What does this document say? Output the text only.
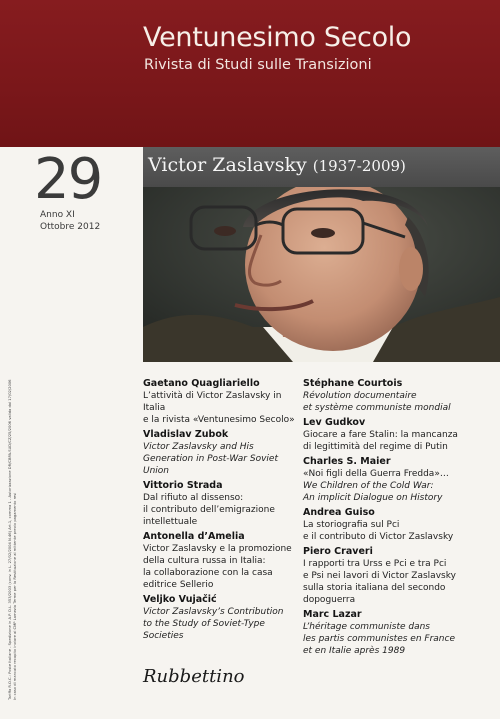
Ventunesimo Secolo
Rivista di Studi sulle Transizioni
29
Anno XI
Ottobre 2012
Victor Zaslavsky (1937-2009)
Gaetano Quagliariello
L’attività di Victor Zaslavsky in Italia
e la rivista «Ventunesimo Secolo»
Vladislav Zubok
Victor Zaslavsky and His
Generation in Post-War Soviet
Union
Vittorio Strada
Dal rifiuto al dissenso:
il contributo dell’emigrazione
intellettuale
Antonella d’Amelia
Victor Zaslavsky e la promozione
della cultura russa in Italia:
la collaborazione con la casa
editrice Sellerio
Veljko Vujačić
Victor Zaslavsky’s Contribution
to the Study of Soviet-Type
Societies
Stéphane Courtois
Révolution documentaire
et système communiste mondial
Lev Gudkov
Giocare a fare Stalin: la mancanza
di legittimità del regime di Putin
Charles S. Maier
«Noi figli della Guerra Fredda»…
We Children of the Cold War:
An implicit Dialogue on History
Andrea Guiso
La storiografia sul Pci
e il contributo di Victor Zaslavsky
Piero Craveri
I rapporti tra Urss e Pci e tra Pci
e Psi nei lavori di Victor Zaslavsky
sulla storia italiana del secondo
dopoguerra
Marc Lazar
L’héritage communiste dans
les partis communistes en France
et en Italie après 1989
Rubbettino
Tariffa R.O.C.: Poste Italiane - Spedizione in A.P. D.L. 353/2003 (conv. in L. 27/02/2004 N.46) Art.1, comma 1 - Autorizzazione DR/CBPA-SUD/CZ/25/2006 valida dal 17/02/2006 In caso di mancato recapito inviare al CMP Lamezia Terme per la Restituzione al mittente previo pagamento resi
